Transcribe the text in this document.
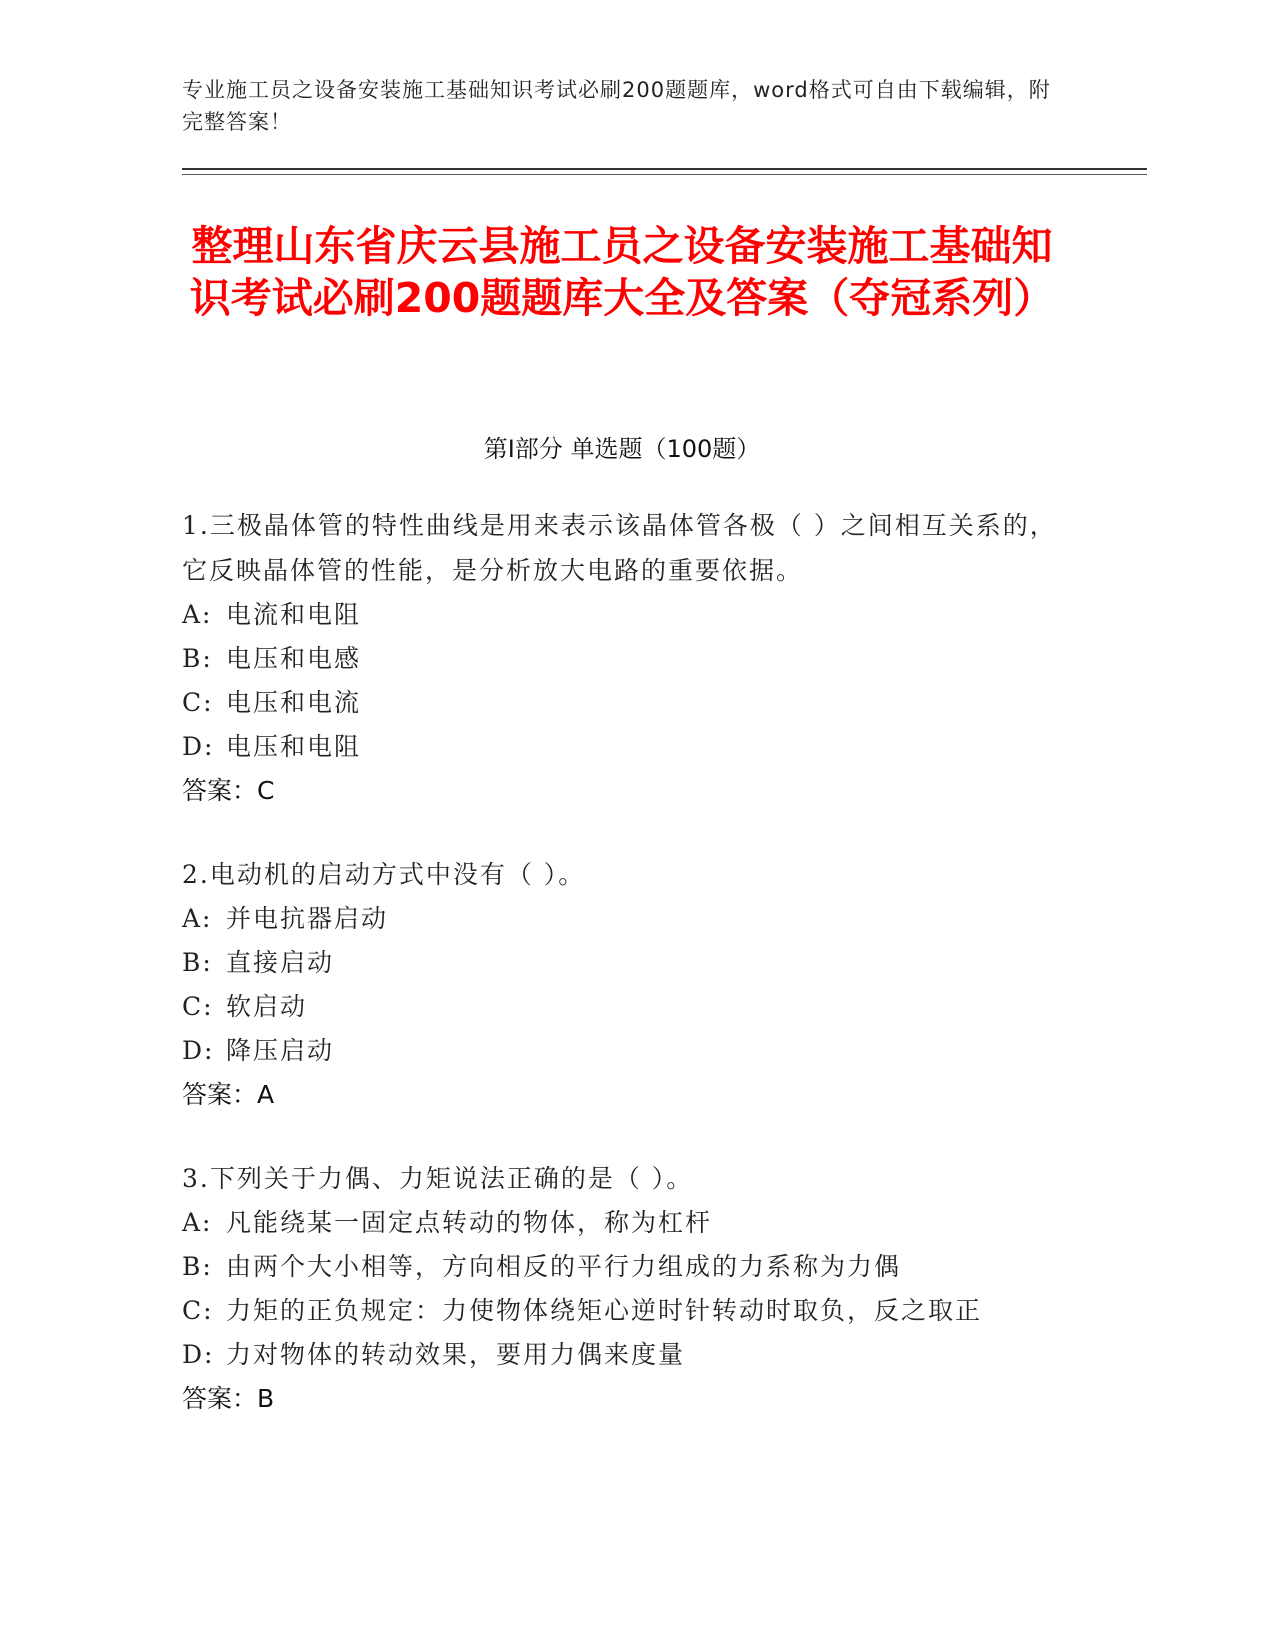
专业施工员之设备安装施工基础知识考试必刷200题题库，word格式可自由下载编辑，附完整答案！
整理山东省庆云县施工员之设备安装施工基础知识考试必刷200题题库大全及答案（夺冠系列）
第Ⅰ部分 单选题（100题）
1.三极晶体管的特性曲线是用来表示该晶体管各极（ ）之间相互关系的，它反映晶体管的性能，是分析放大电路的重要依据。
A: 电流和电阻
B: 电压和电感
C: 电压和电流
D: 电压和电阻
答案：C
2.电动机的启动方式中没有（ ）。
A: 并电抗器启动
B: 直接启动
C: 软启动
D: 降压启动
答案：A
3.下列关于力偶、力矩说法正确的是（ ）。
A: 凡能绕某一固定点转动的物体，称为杠杆
B: 由两个大小相等，方向相反的平行力组成的力系称为力偶
C: 力矩的正负规定：力使物体绕矩心逆时针转动时取负，反之取正
D: 力对物体的转动效果，要用力偶来度量
答案：B
